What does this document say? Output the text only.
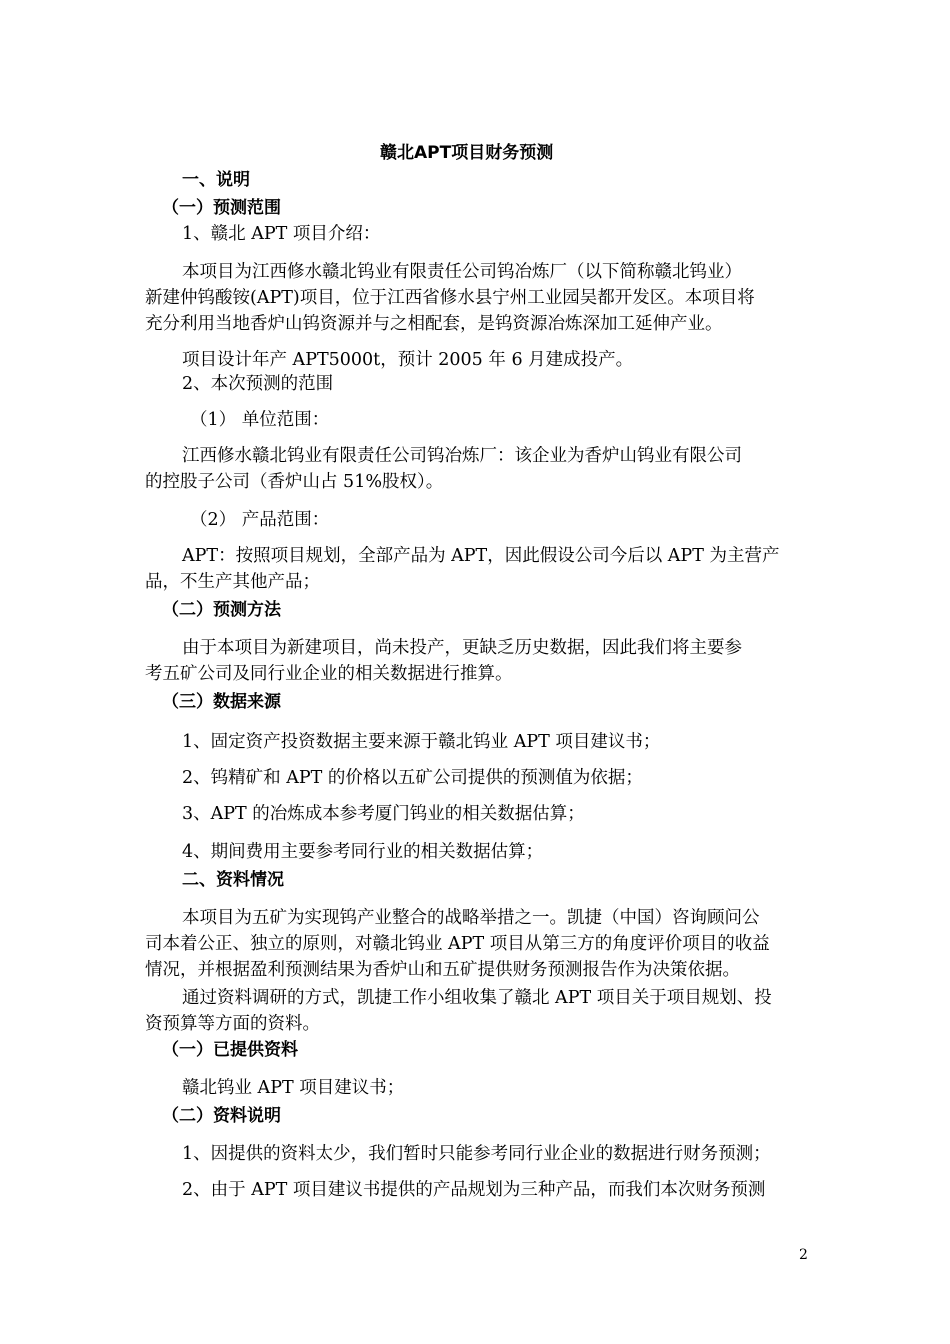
赣北APT项目财务预测
一、说明
（一）预测范围
1、赣北 APT 项目介绍：
本项目为江西修水赣北钨业有限责任公司钨冶炼厂（以下简称赣北钨业）
新建仲钨酸铵(APT)项目，位于江西省修水县宁州工业园吴都开发区。本项目将
充分利用当地香炉山钨资源并与之相配套，是钨资源冶炼深加工延伸产业。
项目设计年产 APT5000t，预计 2005 年 6 月建成投产。
2、本次预测的范围
（1） 单位范围：
江西修水赣北钨业有限责任公司钨冶炼厂：该企业为香炉山钨业有限公司
的控股子公司（香炉山占 51%股权）。
（2） 产品范围：
APT：按照项目规划，全部产品为 APT，因此假设公司今后以 APT 为主营产
品，不生产其他产品；
（二）预测方法
由于本项目为新建项目，尚未投产，更缺乏历史数据，因此我们将主要参
考五矿公司及同行业企业的相关数据进行推算。
（三）数据来源
1、固定资产投资数据主要来源于赣北钨业 APT 项目建议书；
2、钨精矿和 APT 的价格以五矿公司提供的预测值为依据；
3、APT 的冶炼成本参考厦门钨业的相关数据估算；
4、期间费用主要参考同行业的相关数据估算；
二、资料情况
本项目为五矿为实现钨产业整合的战略举措之一。凯捷（中国）咨询顾问公
司本着公正、独立的原则，对赣北钨业 APT 项目从第三方的角度评价项目的收益
情况，并根据盈利预测结果为香炉山和五矿提供财务预测报告作为决策依据。
通过资料调研的方式，凯捷工作小组收集了赣北 APT 项目关于项目规划、投
资预算等方面的资料。
（一）已提供资料
赣北钨业 APT 项目建议书；
（二）资料说明
1、因提供的资料太少，我们暂时只能参考同行业企业的数据进行财务预测；
2、由于 APT 项目建议书提供的产品规划为三种产品，而我们本次财务预测
2
